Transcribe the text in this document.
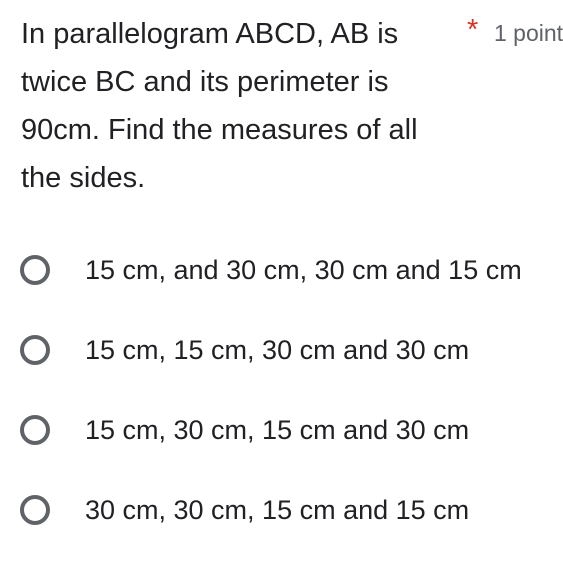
In parallelogram ABCD, AB is
twice BC and its perimeter is
90cm. Find the measures of all
the sides.
* 1 point
15 cm, and 30 cm, 30 cm and 15 cm
15 cm, 15 cm, 30 cm and 30 cm
15 cm, 30 cm, 15 cm and 30 cm
30 cm, 30 cm, 15 cm and 15 cm
